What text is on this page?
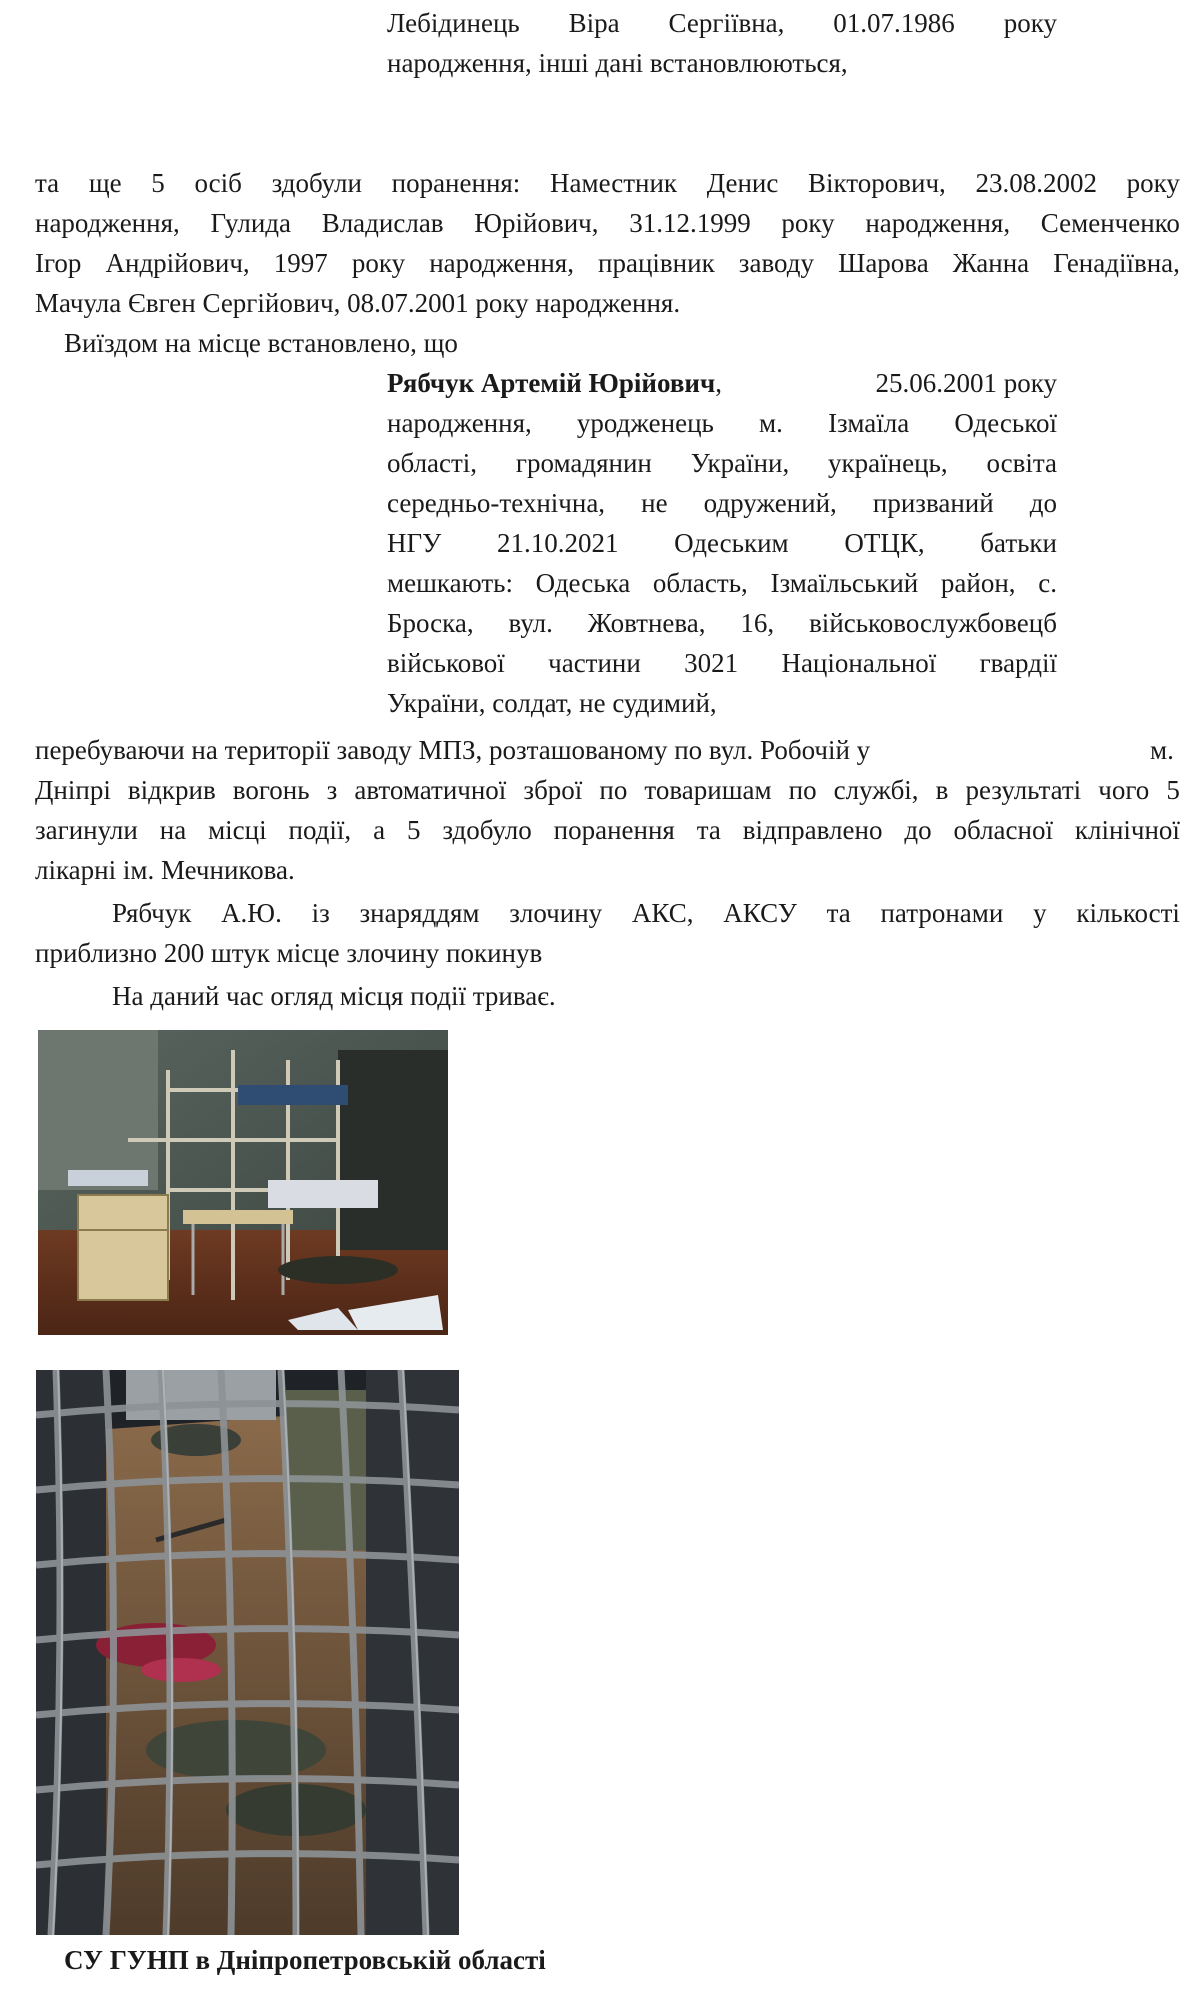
Лебідинець Віра Сергіївна, 01.07.1986 року
народження, інші дані встановлюються,
та ще 5 осіб здобули поранення: Наместник Денис Вікторович, 23.08.2002 року
народження, Гулида Владислав Юрійович, 31.12.1999 року народження, Семенченко
Ігор Андрійович, 1997 року народження, працівник заводу Шарова Жанна Генадіївна,
Мачула Євген Сергійович, 08.07.2001 року народження.
Виїздом на місце встановлено, що
Рябчук Артемій Юрійович,	25.06.2001 року
народження, уродженець м. Ізмаїла Одеської
області, громадянин України, українець, освіта
середньо-технічна, не одружений, призваний до
НГУ 21.10.2021 Одеським ОТЦК, батьки
мешкають: Одеська область, Ізмаїльський район, с.
Броска, вул. Жовтнева, 16, військовослужбовецб
військової частини 3021 Національної гвардії
України, солдат, не судимий,
перебуваючи на території заводу МПЗ, розташованому по вул. Робочій у	м.
Дніпрі відкрив вогонь з автоматичної зброї по товаришам по службі, в результаті чого 5
загинули на місці події, а 5 здобуло поранення та відправлено до обласної клінічної
лікарні ім. Мечникова.
Рябчук А.Ю. із знаряддям злочину АКС, АКСУ та патронами у кількості
приблизно 200 штук місце злочину покинув
На даний час огляд місця події триває.
СУ ГУНП в Дніпропетровській області
